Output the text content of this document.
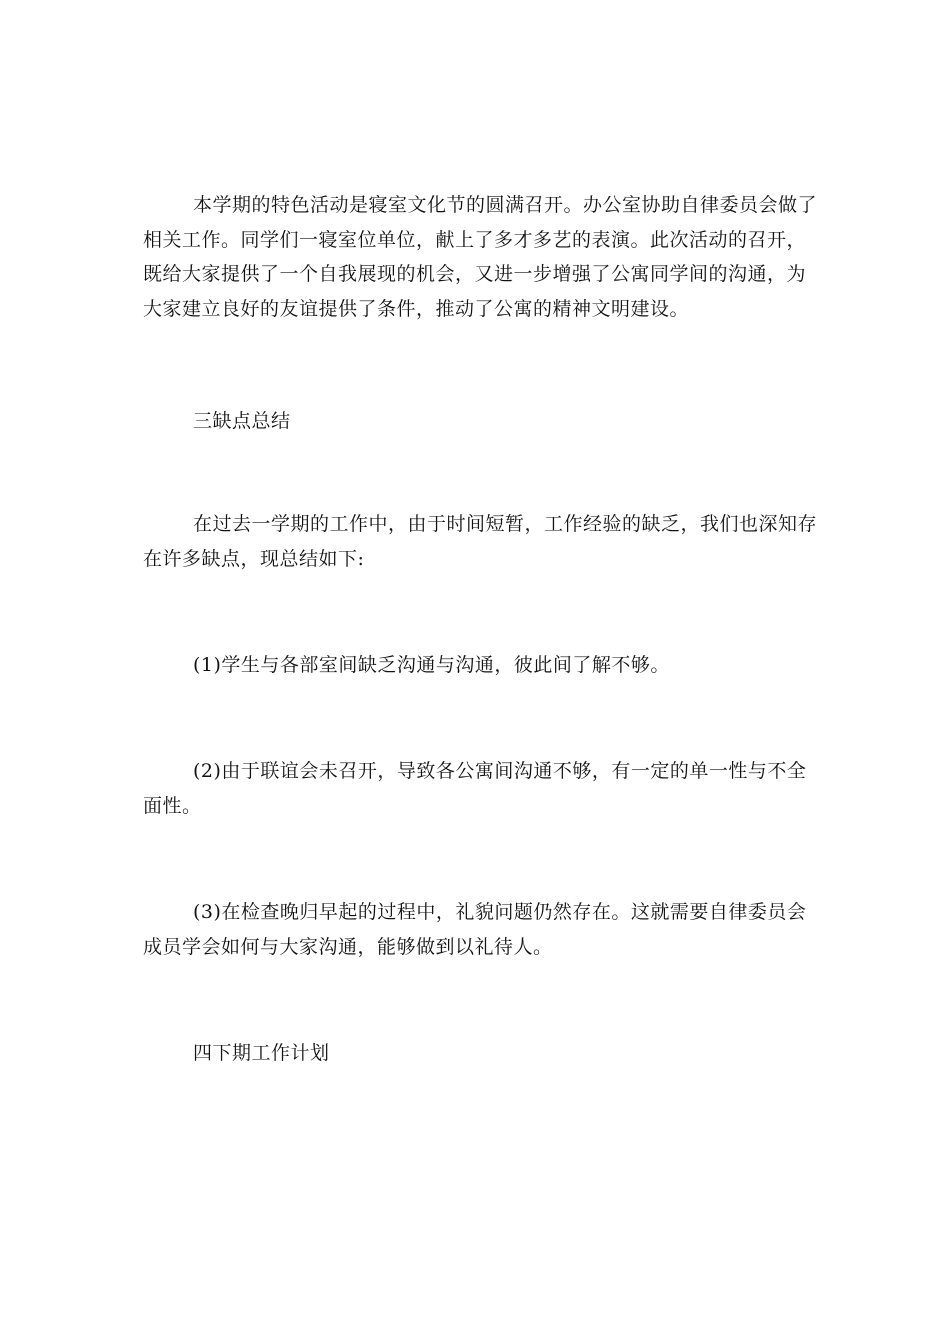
本学期的特色活动是寝室文化节的圆满召开。办公室协助自律委员会做了
相关工作。同学们一寝室位单位，献上了多才多艺的表演。此次活动的召开，
既给大家提供了一个自我展现的机会，又进一步增强了公寓同学间的沟通，为
大家建立良好的友谊提供了条件，推动了公寓的精神文明建设。
三缺点总结
在过去一学期的工作中，由于时间短暂，工作经验的缺乏，我们也深知存
在许多缺点，现总结如下:
(1)学生与各部室间缺乏沟通与沟通，彼此间了解不够。
(2)由于联谊会未召开，导致各公寓间沟通不够，有一定的单一性与不全
面性。
(3)在检查晚归早起的过程中，礼貌问题仍然存在。这就需要自律委员会
成员学会如何与大家沟通，能够做到以礼待人。
四下期工作计划
